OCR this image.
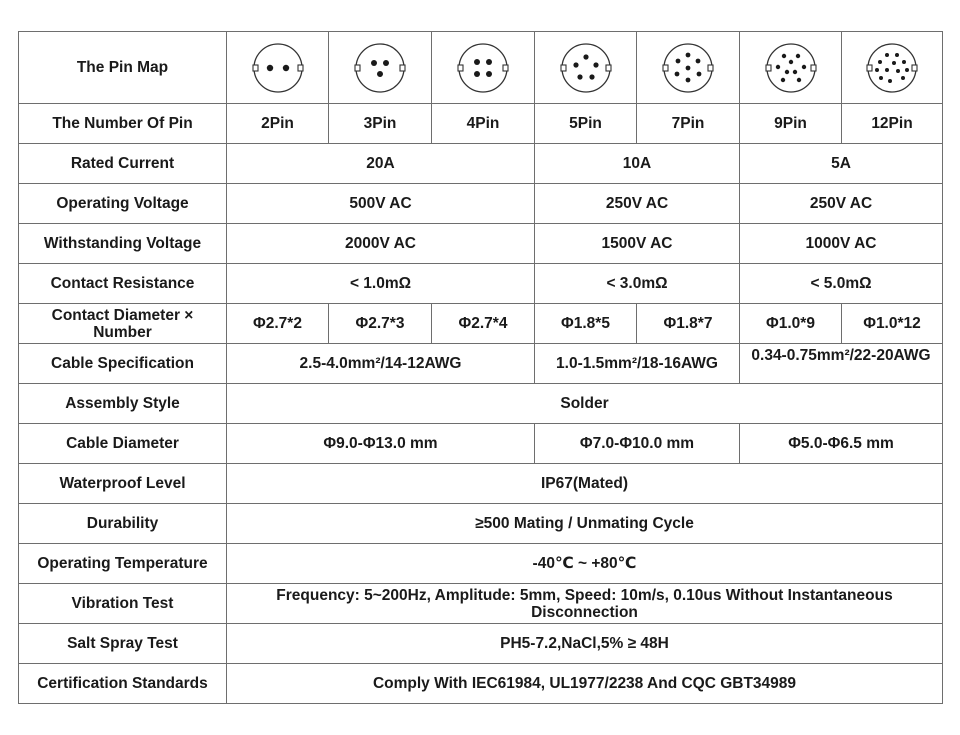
The Pin Map	

The Number Of Pin	2Pin	3Pin	4Pin	5Pin	7Pin	9Pin	12Pin
Rated Current	20A			10A		5A	
Operating Voltage	500V AC			250V AC		250V AC	
Withstanding Voltage	2000V AC			1500V AC		1000V AC	
Contact Resistance	< 1.0mΩ			< 3.0mΩ		< 5.0mΩ	

Contact Diameter × Number	Φ2.7*2	Φ2.7*3	Φ2.7*4	Φ1.8*5	Φ1.8*7	Φ1.0*9	Φ1.0*12
Cable Specification	2.5-4.0mm²/14-12AWG			1.0-1.5mm²/18-16AWG		0.34-0.75mm²/22-20AWG	

Assembly Style	Solder						
Cable Diameter	Φ9.0-Φ13.0 mm			Φ7.0-Φ10.0 mm		Φ5.0-Φ6.5 mm	
Waterproof Level	IP67(Mated)						
Durability	≥500 Mating / Unmating Cycle						
Operating Temperature	-40℃ ~ +80℃						
Vibration Test	Frequency: 5~200Hz, Amplitude: 5mm, Speed: 10m/s, 0.10us Without Instantaneous Disconnection						

Salt Spray Test	PH5-7.2,NaCl,5% ≥ 48H						
Certification Standards	Comply With IEC61984, UL1977/2238 And CQC GBT34989						
